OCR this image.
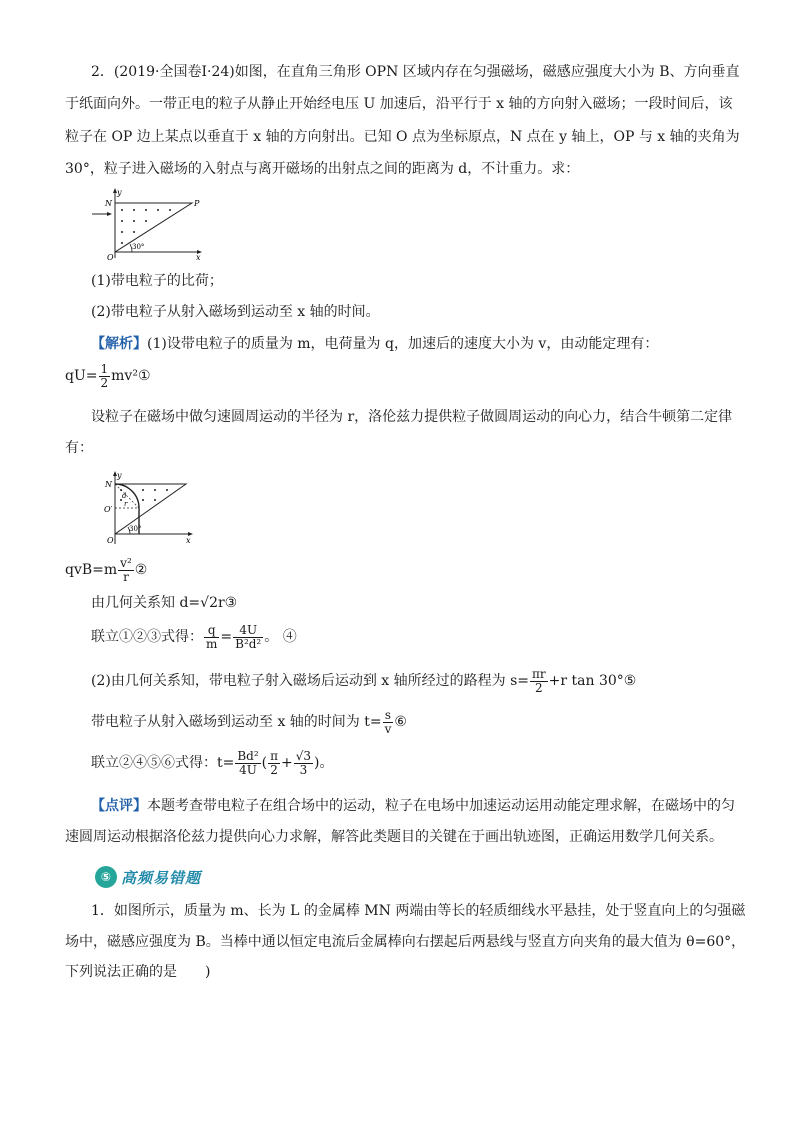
2．(2019·全国卷Ⅰ·24)如图，在直角三角形 OPN 区域内存在匀强磁场，磁感应强度大小为 B、方向垂直
于纸面向外。一带正电的粒子从静止开始经电压 U 加速后，沿平行于 x 轴的方向射入磁场；一段时间后，该
粒子在 OP 边上某点以垂直于 x 轴的方向射出。已知 O 点为坐标原点，N 点在 y 轴上，OP 与 x 轴的夹角为
30°，粒子进入磁场的入射点与离开磁场的出射点之间的距离为 d，不计重力。求：
y
N	P
O	x
30°
(1)带电粒子的比荷；
(2)带电粒子从射入磁场到运动至 x 轴的时间。
【解析】(1)设带电粒子的质量为 m，电荷量为 q，加速后的速度大小为 v，由动能定理有：
$qU= \frac{1}{2}$ mv²①
设粒子在磁场中做匀速圆周运动的半径为 r，洛伦兹力提供粒子做圆周运动的向心力，结合牛顿第二定律
有：
y
N
O′
O	x
d
r
30°
$qvB=m \frac{\text{v²}}{r}$ ②
由几何关系知 d=√2r③
联立①②③式得： $\frac{q}{m} = \frac{4U}{\text{B²d²}}$ 。 ④
(2)由几何关系知，带电粒子射入磁场后运动到 x 轴所经过的路程为 $s= \frac{\pi r}{2} +r$ tan 30°⑤
带电粒子从射入磁场到运动至 x 轴的时间为 $t= \frac{s}{v}$ ⑥
联立②④⑤⑥式得：$t= \frac{\text{Bd²}}{4U}$ ( $\frac{\pi}{2} + \frac{√3}{3}$ )。
【点评】本题考查带电粒子在组合场中的运动，粒子在电场中加速运动运用动能定理求解，在磁场中的匀
速圆周运动根据洛伦兹力提供向心力求解，解答此类题目的关键在于画出轨迹图，正确运用数学几何关系。
⑤ 高频易错题
1．如图所示，质量为 m、长为 L 的金属棒 MN 两端由等长的轻质细线水平悬挂，处于竖直向上的匀强磁
场中，磁感应强度为 B。当棒中通以恒定电流后金属棒向右摆起后两悬线与竖直方向夹角的最大值为 θ=60°，
下列说法正确的是　　)
